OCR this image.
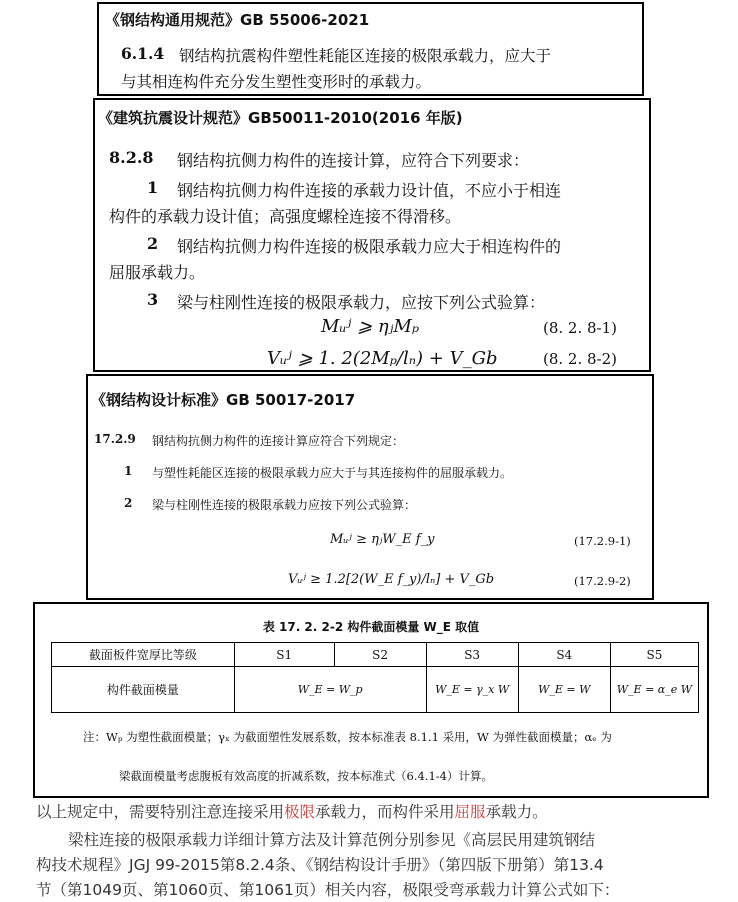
《钢结构通用规范》GB 55006-2021
6.1.4 钢结构抗震构件塑性耗能区连接的极限承载力，应大于
与其相连构件充分发生塑性变形时的承载力。
《建筑抗震设计规范》GB50011-2010(2016 年版)
8.2.8 钢结构抗侧力构件的连接计算，应符合下列要求：
1 钢结构抗侧力构件连接的承载力设计值，不应小于相连
构件的承载力设计值；高强度螺栓连接不得滑移。
2 钢结构抗侧力构件连接的极限承载力应大于相连构件的
屈服承载力。
3 梁与柱刚性连接的极限承载力，应按下列公式验算：
Mᵤʲ ⩾ ηⱼMₚ	(8. 2. 8-1)
Vᵤʲ ⩾ 1. 2(2Mₚ/lₙ) + V_Gb	(8. 2. 8-2)
《钢结构设计标准》GB 50017-2017
17.2.9 钢结构抗侧力构件的连接计算应符合下列规定：
1 与塑性耗能区连接的极限承载力应大于与其连接构件的屈服承载力。
2 梁与柱刚性连接的极限承载力应按下列公式验算：
Mᵤʲ ≥ ηⱼW_E f_y	(17.2.9-1)
Vᵤʲ ≥ 1.2[2(W_E f_y)/lₙ] + V_Gb	(17.2.9-2)
表 17. 2. 2-2 构件截面模量 W_E 取值
截面板件宽厚比等级	S1	S2	S3	S4	S5
构件截面模量	W_E = W_p		W_E = γ_x W	W_E = W	W_E = α_e W
注：Wₚ 为塑性截面模量；γₓ 为截面塑性发展系数，按本标准表 8.1.1 采用，W 为弹性截面模量；αₑ 为
梁截面模量考虑腹板有效高度的折减系数，按本标准式（6.4.1-4）计算。
以上规定中，需要特别注意连接采用极限承载力，而构件采用屈服承载力。
梁柱连接的极限承载力详细计算方法及计算范例分别参见《高层民用建筑钢结
构技术规程》JGJ 99-2015第8.2.4条、《钢结构设计手册》（第四版下册第）第13.4
节（第1049页、第1060页、第1061页）相关内容，极限受弯承载力计算公式如下：
